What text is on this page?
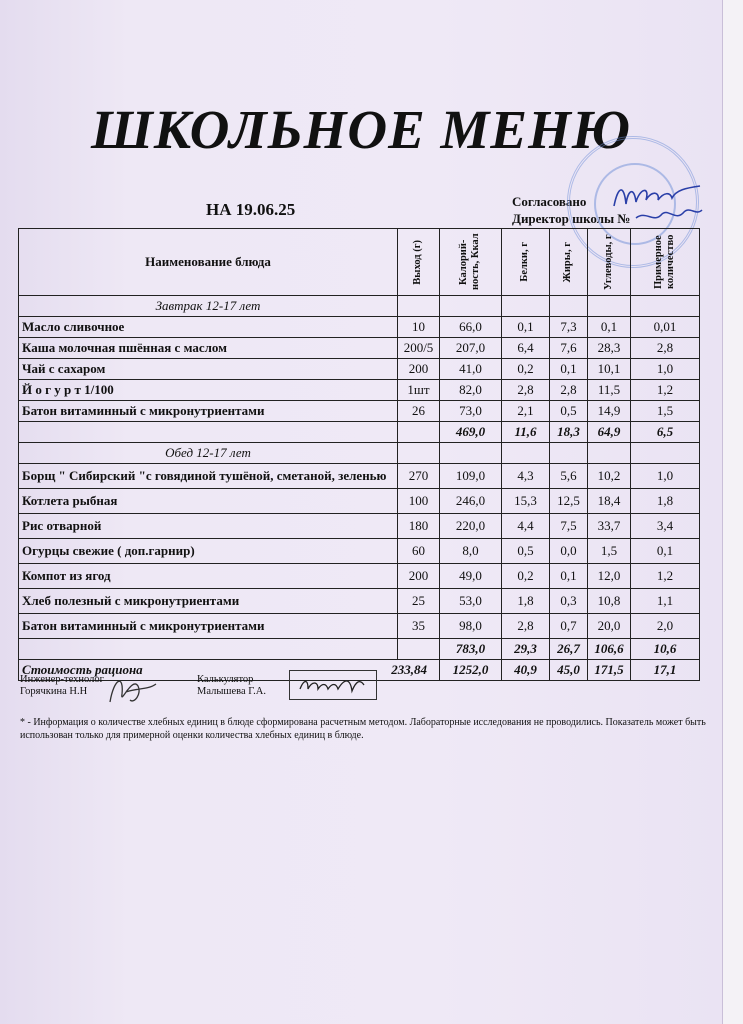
ШКОЛЬНОЕ МЕНЮ
НА 19.06.25	Согласовано
Директор школы №
Наименование блюда	Выход (г)	Калорий-ность, Ккал	Белки, г	Жиры, г	Углеводы, г	Примерное количество

Завтрак 12-17 лет						
Масло сливочное	10	66,0	0,1	7,3	0,1	0,01
Каша молочная пшённая с маслом	200/5	207,0	6,4	7,6	28,3	2,8
Чай с сахаром	200	41,0	0,2	0,1	10,1	1,0
Й о г у р т 1/100	1шт	82,0	2,8	2,8	11,5	1,2
Батон витаминный с микронутриентами	26	73,0	2,1	0,5	14,9	1,5
		469,0	11,6	18,3	64,9	6,5
Обед 12-17 лет						
Борщ " Сибирский "с говядиной тушёной, сметаной, зеленью	270	109,0	4,3	5,6	10,2	1,0
Котлета рыбная	100	246,0	15,3	12,5	18,4	1,8
Рис отварной	180	220,0	4,4	7,5	33,7	3,4
Огурцы свежие ( доп.гарнир)	60	8,0	0,5	0,0	1,5	0,1
Компот из ягод	200	49,0	0,2	0,1	12,0	1,2
Хлеб полезный с микронутриентами	25	53,0	1,8	0,3	10,8	1,1
Батон витаминный с микронутриентами	35	98,0	2,8	0,7	20,0	2,0
		783,0	29,3	26,7	106,6	10,6
Стоимость рациона 233,84		1252,0	40,9	45,0	171,5	17,1
Инженер-технолог
Горячкина Н.Н
Калькулятор
Малышева Г.А.
* - Информация о количестве хлебных единиц в блюде сформирована расчетным методом. Лабораторные исследования не проводились. Показатель может быть использован только для примерной оценки количества хлебных единиц в блюде.
